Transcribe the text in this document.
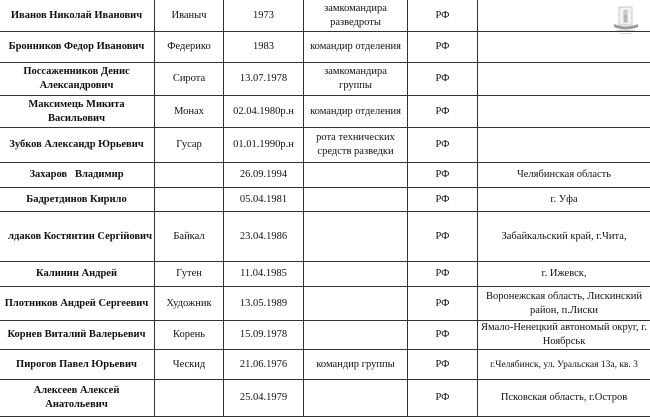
Иванов Николай Иванович	Иваныч	1973	замкомандира разведроты	РФ	
Бронников Федор Иванович	Федерико	1983	командир отделения	РФ	
Поссаженников Денис Александрович	Сирота	13.07.1978	замкомандира группы	РФ	
Максимець Микита Васильович	Монах	02.04.1980р.н	командир отделения	РФ	
Зубков Александр Юрьевич	Гусар	01.01.1990р.н	рота технических средств разведки	РФ	
Захаров   Владимир		26.09.1994		РФ	Челябинская область
Бадретдинов Кирило		05.04.1981		РФ	г. Уфа
лдаков Костянтин Сергійович	Байкал	23.04.1986		РФ	Забайкальский край, г.Чита,
Калинин Андрей	Гутен	11.04.1985		РФ	г. Ижевск,
Плотников Андрей Сергеевич	Художник	13.05.1989		РФ	Воронежская область, Лискинский район, п.Лиски
Корнев Виталий Валерьевич	Корень	15.09.1978		РФ	Ямало-Ненецкий автономый округ, г. Ноябрськ
Пирогов Павел Юрьевич	Ческид	21.06.1976	командир группы	РФ	г.Челябинск, ул. Уральская 13а, кв. 3
Алексеев Алексей Анатольевич		25.04.1979		РФ	Псковская область, г.Остров
